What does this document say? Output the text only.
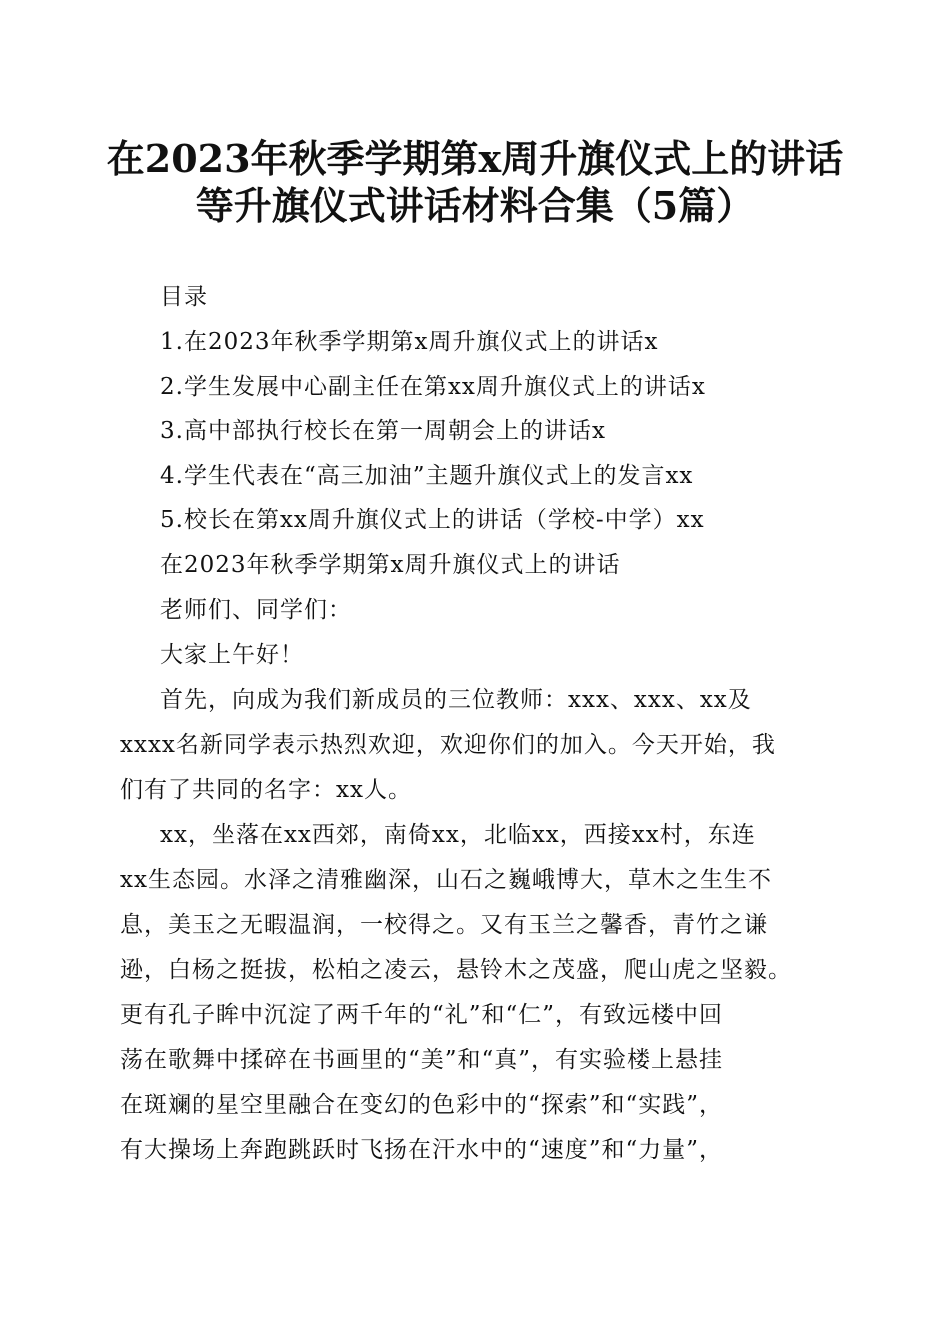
在2023年秋季学期第x周升旗仪式上的讲话
等升旗仪式讲话材料合集（5篇）
目录
1.在2023年秋季学期第x周升旗仪式上的讲话x
2.学生发展中心副主任在第xx周升旗仪式上的讲话x
3.高中部执行校长在第一周朝会上的讲话x
4.学生代表在“高三加油”主题升旗仪式上的发言xx
5.校长在第xx周升旗仪式上的讲话（学校-中学）xx
在2023年秋季学期第x周升旗仪式上的讲话
老师们、同学们：
大家上午好！
首先，向成为我们新成员的三位教师：xxx、xxx、xx及
xxxx名新同学表示热烈欢迎，欢迎你们的加入。今天开始，我
们有了共同的名字：xx人。
xx，坐落在xx西郊，南倚xx，北临xx，西接xx村，东连
xx生态园。水泽之清雅幽深，山石之巍峨博大，草木之生生不
息，美玉之无暇温润，一校得之。又有玉兰之馨香，青竹之谦
逊，白杨之挺拔，松柏之凌云，悬铃木之茂盛，爬山虎之坚毅。
更有孔子眸中沉淀了两千年的“礼”和“仁”，有致远楼中回
荡在歌舞中揉碎在书画里的“美”和“真”，有实验楼上悬挂
在斑斓的星空里融合在变幻的色彩中的“探索”和“实践”，
有大操场上奔跑跳跃时飞扬在汗水中的“速度”和“力量”，
